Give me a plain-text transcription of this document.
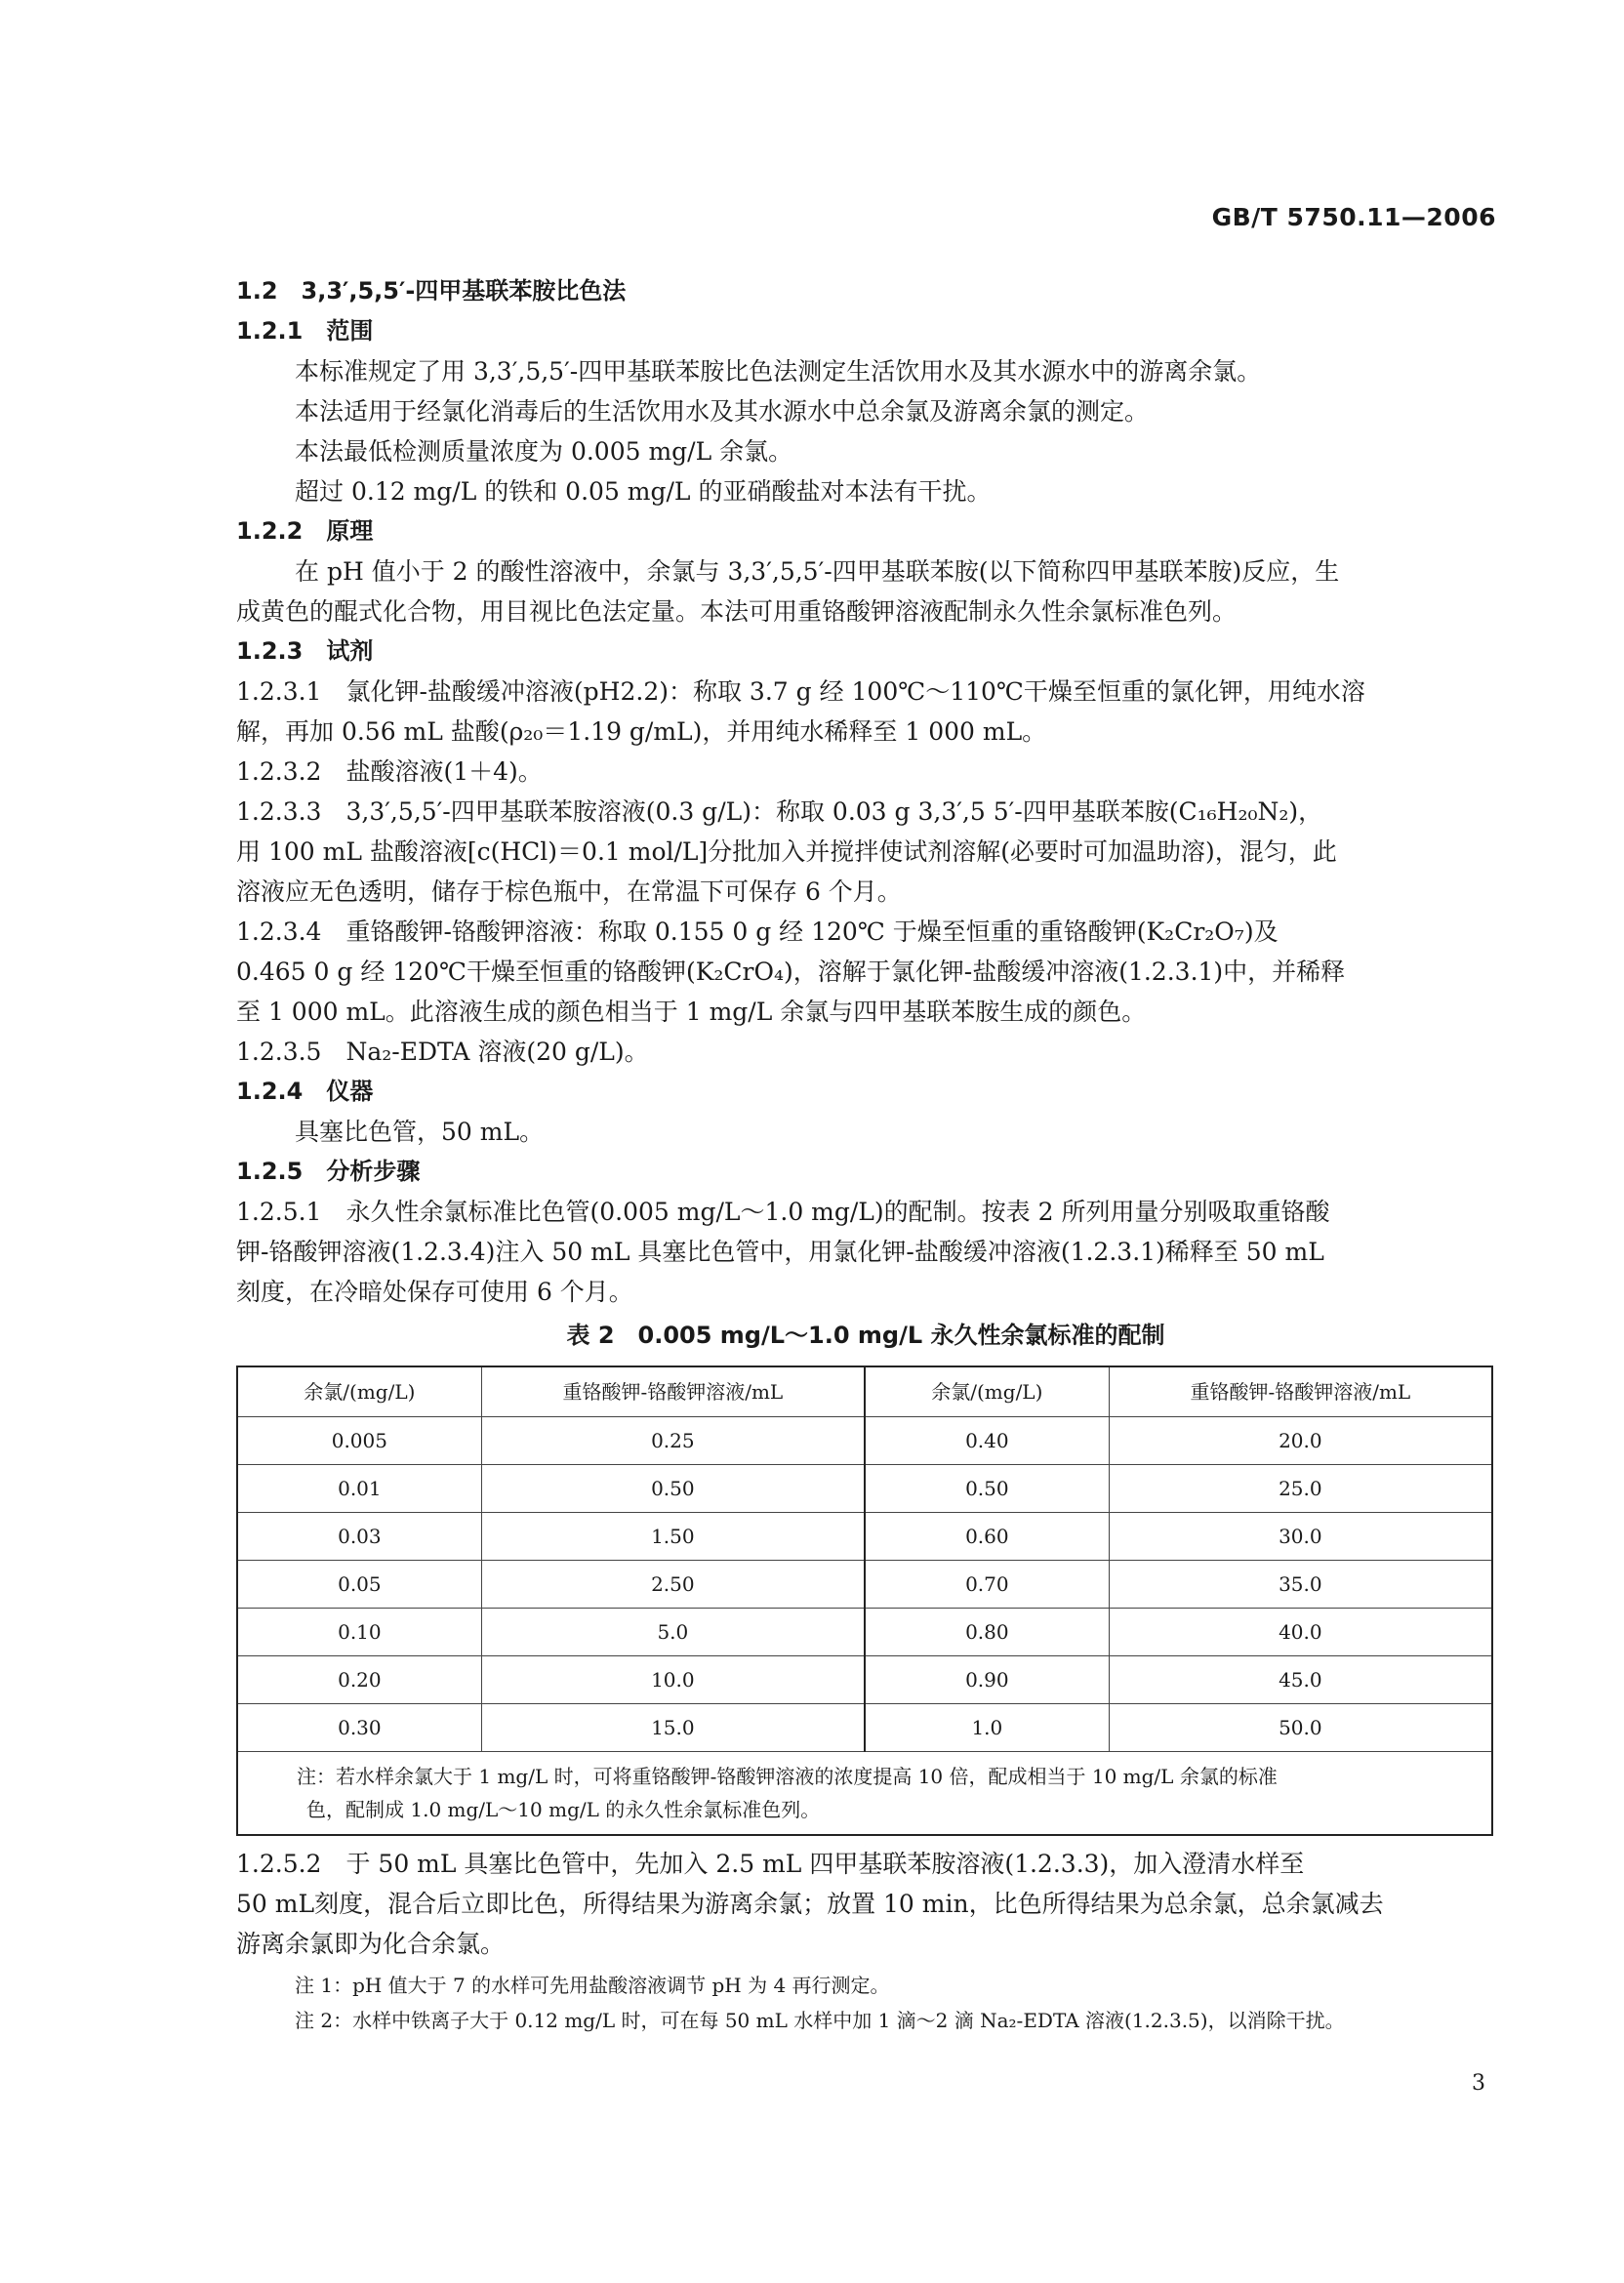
GB/T 5750.11—2006
1.2　 3,3′,5,5′-四甲基联苯胺比色法
1.2.1　 范围
本标准规定了用 3,3′,5,5′-四甲基联苯胺比色法测定生活饮用水及其水源水中的游离余氯。
本法适用于经氯化消毒后的生活饮用水及其水源水中总余氯及游离余氯的测定。
本法最低检测质量浓度为 0.005 mg/L 余氯。
超过 0.12 mg/L 的铁和 0.05 mg/L 的亚硝酸盐对本法有干扰。
1.2.2　 原理
在 pH 值小于 2 的酸性溶液中，余氯与 3,3′,5,5′-四甲基联苯胺(以下简称四甲基联苯胺)反应，生
成黄色的醌式化合物，用目视比色法定量。本法可用重铬酸钾溶液配制永久性余氯标准色列。
1.2.3　 试剂
1.2.3.1　氯化钾-盐酸缓冲溶液(pH2.2)：称取 3.7 g 经 100℃～110℃干燥至恒重的氯化钾，用纯水溶
解，再加 0.56 mL 盐酸(ρ₂₀＝1.19 g/mL)，并用纯水稀释至 1 000 mL。
1.2.3.2　盐酸溶液(1＋4)。
1.2.3.3　3,3′,5,5′-四甲基联苯胺溶液(0.3 g/L)：称取 0.03 g 3,3′,5 5′-四甲基联苯胺(C₁₆H₂₀N₂)，
用 100 mL 盐酸溶液[c(HCl)＝0.1 mol/L]分批加入并搅拌使试剂溶解(必要时可加温助溶)，混匀，此
溶液应无色透明，储存于棕色瓶中，在常温下可保存 6 个月。
1.2.3.4　重铬酸钾-铬酸钾溶液：称取 0.155 0 g 经 120℃ 于燥至恒重的重铬酸钾(K₂Cr₂O₇)及
0.465 0 g 经 120℃干燥至恒重的铬酸钾(K₂CrO₄)，溶解于氯化钾-盐酸缓冲溶液(1.2.3.1)中，并稀释
至 1 000 mL。此溶液生成的颜色相当于 1 mg/L 余氯与四甲基联苯胺生成的颜色。
1.2.3.5　Na₂-EDTA 溶液(20 g/L)。
1.2.4　 仪器
具塞比色管，50 mL。
1.2.5　 分析步骤
1.2.5.1　永久性余氯标准比色管(0.005 mg/L～1.0 mg/L)的配制。按表 2 所列用量分别吸取重铬酸
钾-铬酸钾溶液(1.2.3.4)注入 50 mL 具塞比色管中，用氯化钾-盐酸缓冲溶液(1.2.3.1)稀释至 50 mL
刻度，在冷暗处保存可使用 6 个月。
表 2　0.005 mg/L～1.0 mg/L 永久性余氯标准的配制
余氯/(mg/L)	重铬酸钾-铬酸钾溶液/mL	余氯/(mg/L)	重铬酸钾-铬酸钾溶液/mL
0.005	0.25	0.40	20.0
0.01	0.50	0.50	25.0
0.03	1.50	0.60	30.0
0.05	2.50	0.70	35.0
0.10	5.0	0.80	40.0
0.20	10.0	0.90	45.0
0.30	15.0	1.0	50.0

注：若水样余氯大于 1 mg/L 时，可将重铬酸钾-铬酸钾溶液的浓度提高 10 倍，配成相当于 10 mg/L 余氯的标准
色，配制成 1.0 mg/L～10 mg/L 的永久性余氯标准色列。			
1.2.5.2　于 50 mL 具塞比色管中，先加入 2.5 mL 四甲基联苯胺溶液(1.2.3.3)，加入澄清水样至
50 mL刻度，混合后立即比色，所得结果为游离余氯；放置 10 min，比色所得结果为总余氯，总余氯减去
游离余氯即为化合余氯。
注 1：pH 值大于 7 的水样可先用盐酸溶液调节 pH 为 4 再行测定。
注 2：水样中铁离子大于 0.12 mg/L 时，可在每 50 mL 水样中加 1 滴～2 滴 Na₂-EDTA 溶液(1.2.3.5)，以消除干扰。
3
